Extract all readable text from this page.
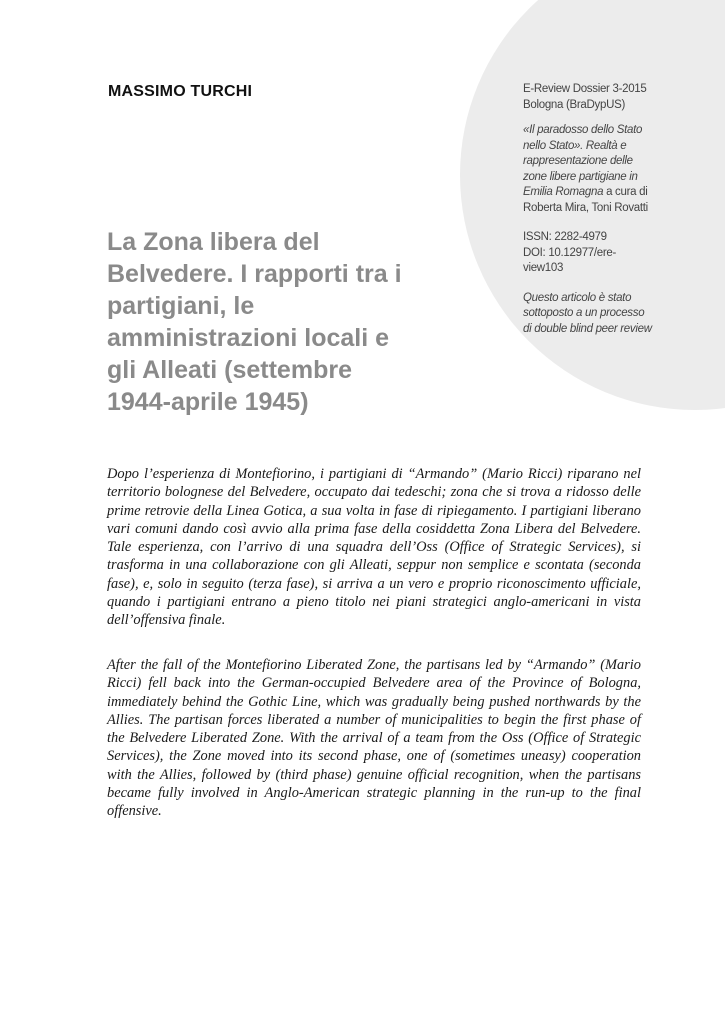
MASSIMO TURCHI
La Zona libera del Belvedere. I rapporti tra i partigiani, le amministrazioni locali e gli Alleati (settembre 1944-aprile 1945)

E-Review Dossier 3-2015
Bologna (BraDypUS)

«Il paradosso dello Stato nello Stato». Realtà e rappresentazione delle zone libere partigiane in Emilia Romagna a cura di Roberta Mira, Toni Rovatti

ISSN: 2282-4979
DOI: 10.12977/ere-view103

Questo articolo è stato sottoposto a un processo di double blind peer review

Dopo l’esperienza di Montefiorino, i partigiani di “Armando” (Mario Ricci) riparano nel territorio bolognese del Belvedere, occupato dai tedeschi; zona che si trova a ridosso delle prime retrovie della Linea Gotica, a sua volta in fase di ripiegamento. I partigiani liberano vari comuni dando così avvio alla prima fase della cosiddetta Zona Libera del Belvedere. Tale esperienza, con l’arrivo di una squadra dell’Oss (Office of Strategic Services), si trasforma in una collaborazione con gli Alleati, seppur non semplice e scontata (seconda fase), e, solo in seguito (terza fase), si arriva a un vero e proprio riconoscimento ufficiale, quando i partigiani entrano a pieno titolo nei piani strategici anglo-americani in vista dell’offensiva finale.

After the fall of the Montefiorino Liberated Zone, the partisans led by “Armando” (Mario Ricci) fell back into the German-occupied Belvedere area of the Province of Bologna, immediately behind the Gothic Line, which was gradually being pushed northwards by the Allies. The partisan forces liberated a number of municipalities to begin the first phase of the Belvedere Liberated Zone. With the arrival of a team from the Oss (Office of Strategic Services), the Zone moved into its second phase, one of (sometimes uneasy) cooperation with the Allies, followed by (third phase) genuine official recognition, when the partisans became fully involved in Anglo-American strategic planning in the run-up to the final offensive.
